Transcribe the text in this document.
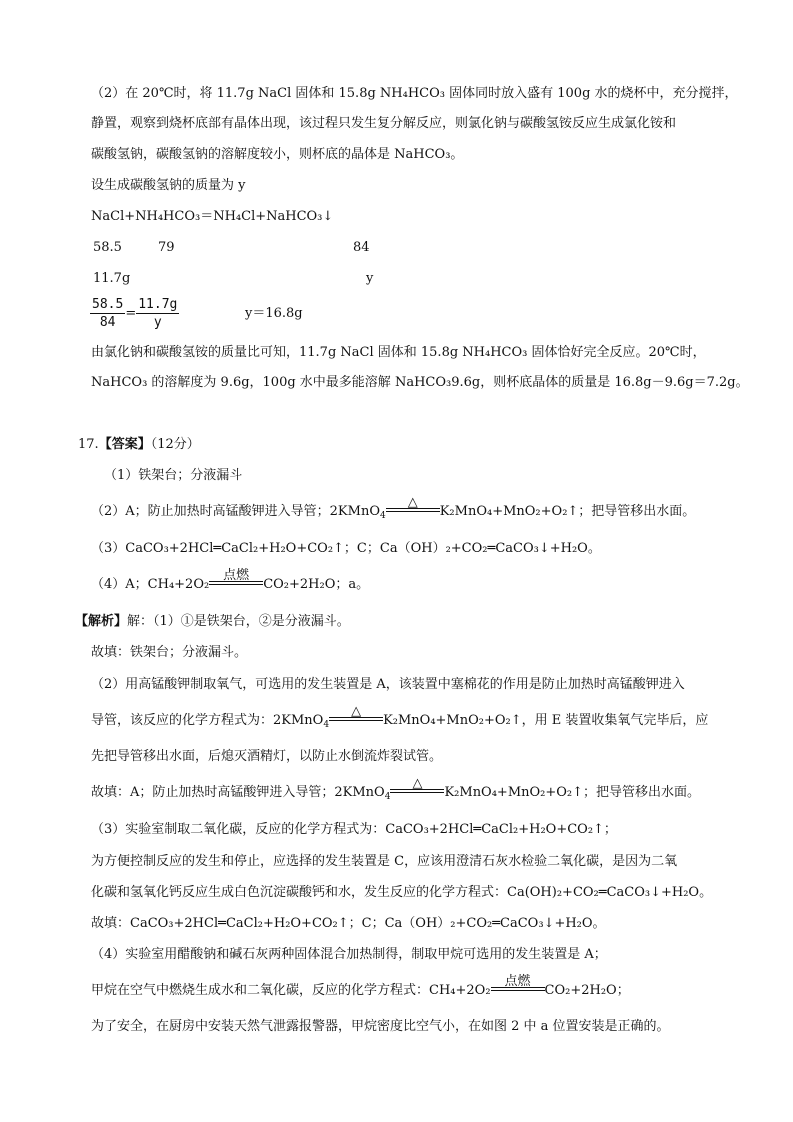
（2）在 20℃时，将 11.7g NaCl 固体和 15.8g NH₄HCO₃ 固体同时放入盛有 100g 水的烧杯中，充分搅拌，
静置，观察到烧杯底部有晶体出现，该过程只发生复分解反应，则氯化钠与碳酸氢铵反应生成氯化铵和
碳酸氢钠，碳酸氢钠的溶解度较小，则杯底的晶体是 NaHCO₃。
设生成碳酸氢钠的质量为 y
NaCl+NH₄HCO₃＝NH₄Cl+NaHCO₃↓
58.5	79	84
11.7g	y
$\frac{58.5}{84} = \frac{11.7g}{y}$	y＝16.8g
由氯化钠和碳酸氢铵的质量比可知，11.7g NaCl 固体和 15.8g NH₄HCO₃ 固体恰好完全反应。20℃时，
NaHCO₃ 的溶解度为 9.6g，100g 水中最多能溶解 NaHCO₃9.6g，则杯底晶体的质量是 16.8g－9.6g＝7.2g。
17.【答案】（12分）
（1）铁架台；分液漏斗
（2）A；防止加热时高锰酸钾进入导管；2KMnO$_4$
△
K₂MnO₄+MnO₂+O₂↑；把导管移出水面。
（3）CaCO₃+2HCl═CaCl₂+H₂O+CO₂↑；C；Ca（OH）₂+CO₂═CaCO₃↓+H₂O。
（4）A；CH₄+2O₂
点燃
CO₂+2H₂O；a。
【解析】解：（1）①是铁架台，②是分液漏斗。
故填：铁架台；分液漏斗。
（2）用高锰酸钾制取氧气，可选用的发生装置是 A，该装置中塞棉花的作用是防止加热时高锰酸钾进入
导管，该反应的化学方程式为：2KMnO$_4$
△
K₂MnO₄+MnO₂+O₂↑，用 E 装置收集氧气完毕后，应
先把导管移出水面，后熄灭酒精灯，以防止水倒流炸裂试管。
故填：A；防止加热时高锰酸钾进入导管；2KMnO$_4$
△
K₂MnO₄+MnO₂+O₂↑；把导管移出水面。
（3）实验室制取二氧化碳，反应的化学方程式为：CaCO₃+2HCl═CaCl₂+H₂O+CO₂↑；
为方便控制反应的发生和停止，应选择的发生装置是 C，应该用澄清石灰水检验二氧化碳，是因为二氧
化碳和氢氧化钙反应生成白色沉淀碳酸钙和水，发生反应的化学方程式：Ca(OH)₂+CO₂═CaCO₃↓+H₂O。
故填：CaCO₃+2HCl═CaCl₂+H₂O+CO₂↑；C；Ca（OH）₂+CO₂═CaCO₃↓+H₂O。
（4）实验室用醋酸钠和碱石灰两种固体混合加热制得，制取甲烷可选用的发生装置是 A；
甲烷在空气中燃烧生成水和二氧化碳，反应的化学方程式：CH₄+2O₂
点燃
CO₂+2H₂O；
为了安全，在厨房中安装天然气泄露报警器，甲烷密度比空气小，在如图 2 中 a 位置安装是正确的。
